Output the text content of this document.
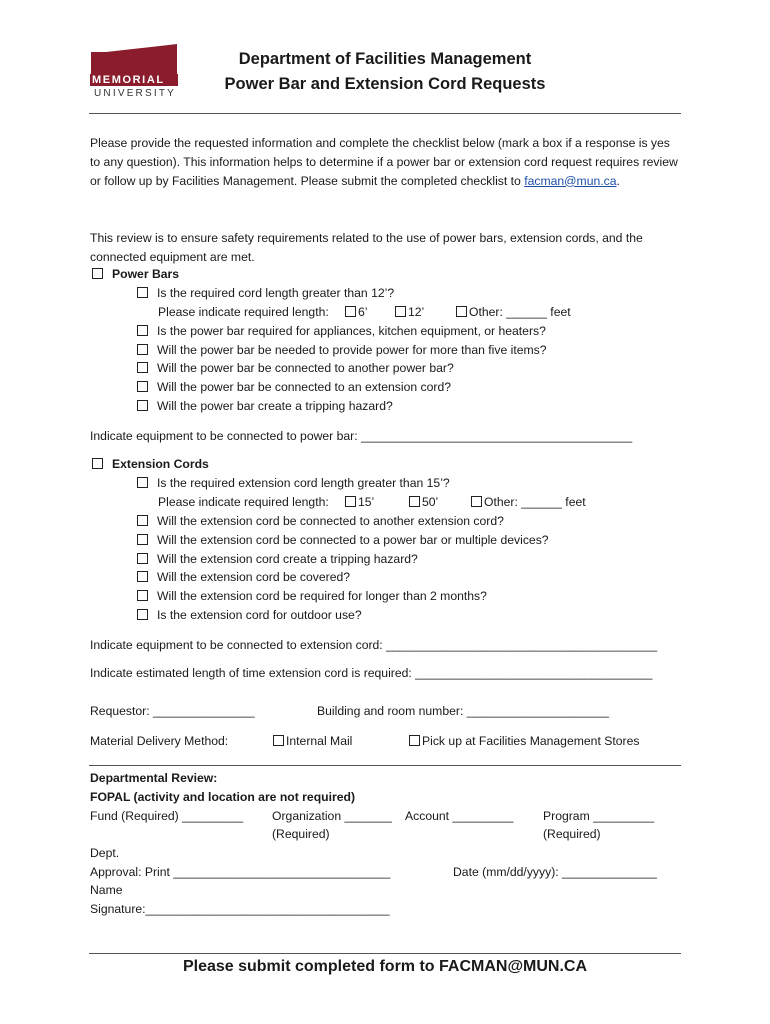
MEMORIAL
UNIVERSITY
Department of Facilities Management
Power Bar and Extension Cord Requests
Please provide the requested information and complete the checklist below (mark a box if a response is yes to any question). This information helps to determine if a power bar or extension cord request requires review or follow up by Facilities Management. Please submit the completed checklist to facman@mun.ca.
This review is to ensure safety requirements related to the use of power bars, extension cords, and the connected equipment are met.
Power Bars
Is the required cord length greater than 12’?
Please indicate required length:	6’	12’	Other: ______ feet
Is the power bar required for appliances, kitchen equipment, or heaters?
Will the power bar be needed to provide power for more than five items?
Will the power bar be connected to another power bar?
Will the power bar be connected to an extension cord?
Will the power bar create a tripping hazard?
Indicate equipment to be connected to power bar: ________________________________________
Extension Cords
Is the required extension cord length greater than 15’?
Please indicate required length:	15’	50’	Other: ______ feet
Will the extension cord be connected to another extension cord?
Will the extension cord be connected to a power bar or multiple devices?
Will the extension cord create a tripping hazard?
Will the extension cord be covered?
Will the extension cord be required for longer than 2 months?
Is the extension cord for outdoor use?
Indicate equipment to be connected to extension cord: ________________________________________
Indicate estimated length of time extension cord is required: ___________________________________
Requestor: _______________	Building and room number: _____________________
Material Delivery Method:	Internal Mail	Pick up at Facilities Management Stores
Departmental Review:
FOPAL (activity and location are not required)
Fund (Required) _________ Organization _______
(Required)
Account _________ Program _________
(Required)
Dept.
Approval: Print ________________________________
Name
Signature:____________________________________
Date (mm/dd/yyyy): ______________
Please submit completed form to FACMAN@MUN.CA
